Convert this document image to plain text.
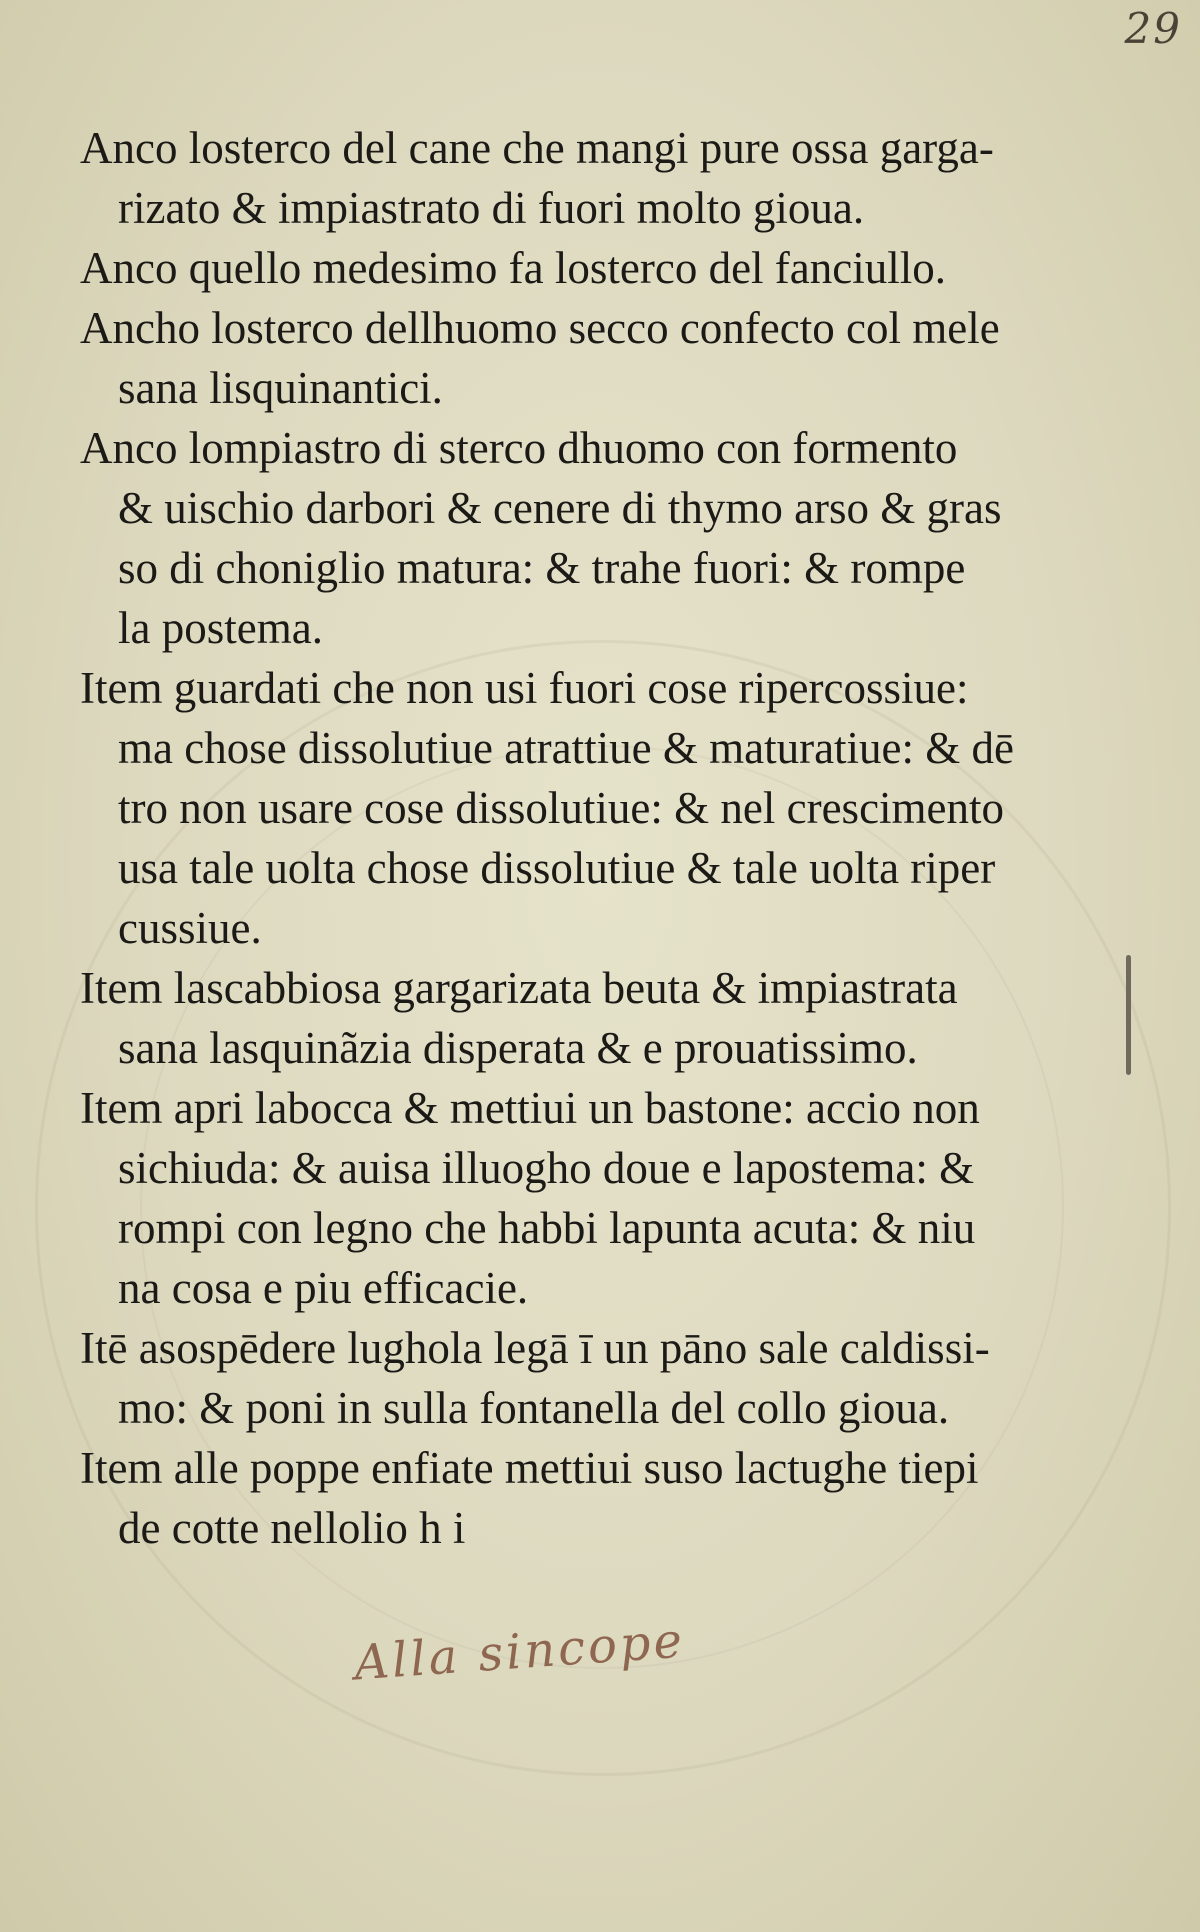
29
Anco losterco del cane che mangi pure ossa garga-
rizato & impiastrato di fuori molto gioua.
Anco quello medesimo fa losterco del fanciullo.
Ancho losterco dellhuomo secco confecto col mele
sana lisquinantici.
Anco lompiastro di sterco dhuomo con formento
& uischio darbori & cenere di thymo arso & gras
so di choniglio matura: & trahe fuori: & rompe
la postema.
Item guardati che non usi fuori cose ripercossiue:
ma chose dissolutiue atrattiue & maturatiue: & dē
tro non usare cose dissolutiue: & nel crescimento
usa tale uolta chose dissolutiue & tale uolta riper
cussiue.
Item lascabbiosa gargarizata beuta & impiastrata
sana lasquinãzia disperata & e prouatissimo.
Item apri labocca & mettiui un bastone: accio non
sichiuda: & auisa illuogho doue e lapostema: &
rompi con legno che habbi lapunta acuta: & niu
na cosa e piu efficacie.
Itē asospēdere lughola legā ī un pāno sale caldissi-
mo: & poni in sulla fontanella del collo gioua.
Item alle poppe enfiate mettiui suso lactughe tiepi
de cotte nellolio h i
Alla sincope
